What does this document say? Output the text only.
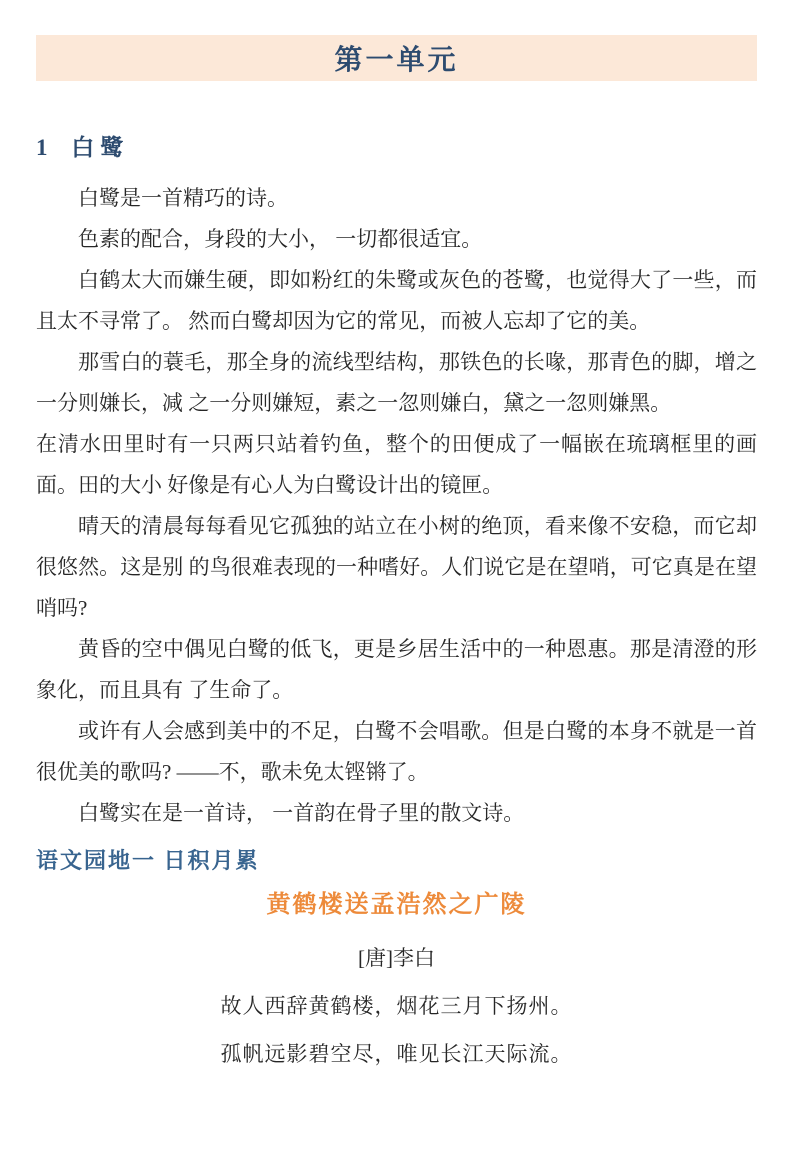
第一单元
1 白鹭

白鹭是一首精巧的诗。

色素的配合，身段的大小， 一切都很适宜。

白鹤太大而嫌生硬，即如粉红的朱鹭或灰色的苍鹭，也觉得大了一些，而且太不寻常了。 然而白鹭却因为它的常见，而被人忘却了它的美。

那雪白的蓑毛，那全身的流线型结构，那铁色的长喙，那青色的脚，增之一分则嫌长，减 之一分则嫌短，素之一忽则嫌白，黛之一忽则嫌黑。

在清水田里时有一只两只站着钓鱼，整个的田便成了一幅嵌在琉璃框里的画面。田的大小 好像是有心人为白鹭设计出的镜匣。

晴天的清晨每每看见它孤独的站立在小树的绝顶，看来像不安稳，而它却很悠然。这是别 的鸟很难表现的一种嗜好。人们说它是在望哨，可它真是在望哨吗?

黄昏的空中偶见白鹭的低飞，更是乡居生活中的一种恩惠。那是清澄的形象化，而且具有 了生命了。

或许有人会感到美中的不足，白鹭不会唱歌。但是白鹭的本身不就是一首很优美的歌吗? ——不，歌未免太铿锵了。

白鹭实在是一首诗， 一首韵在骨子里的散文诗。

语文园地一 日积月累
黄鹤楼送孟浩然之广陵
[唐]李白
故人西辞黄鹤楼，烟花三月下扬州。
孤帆远影碧空尽，唯见长江天际流。
